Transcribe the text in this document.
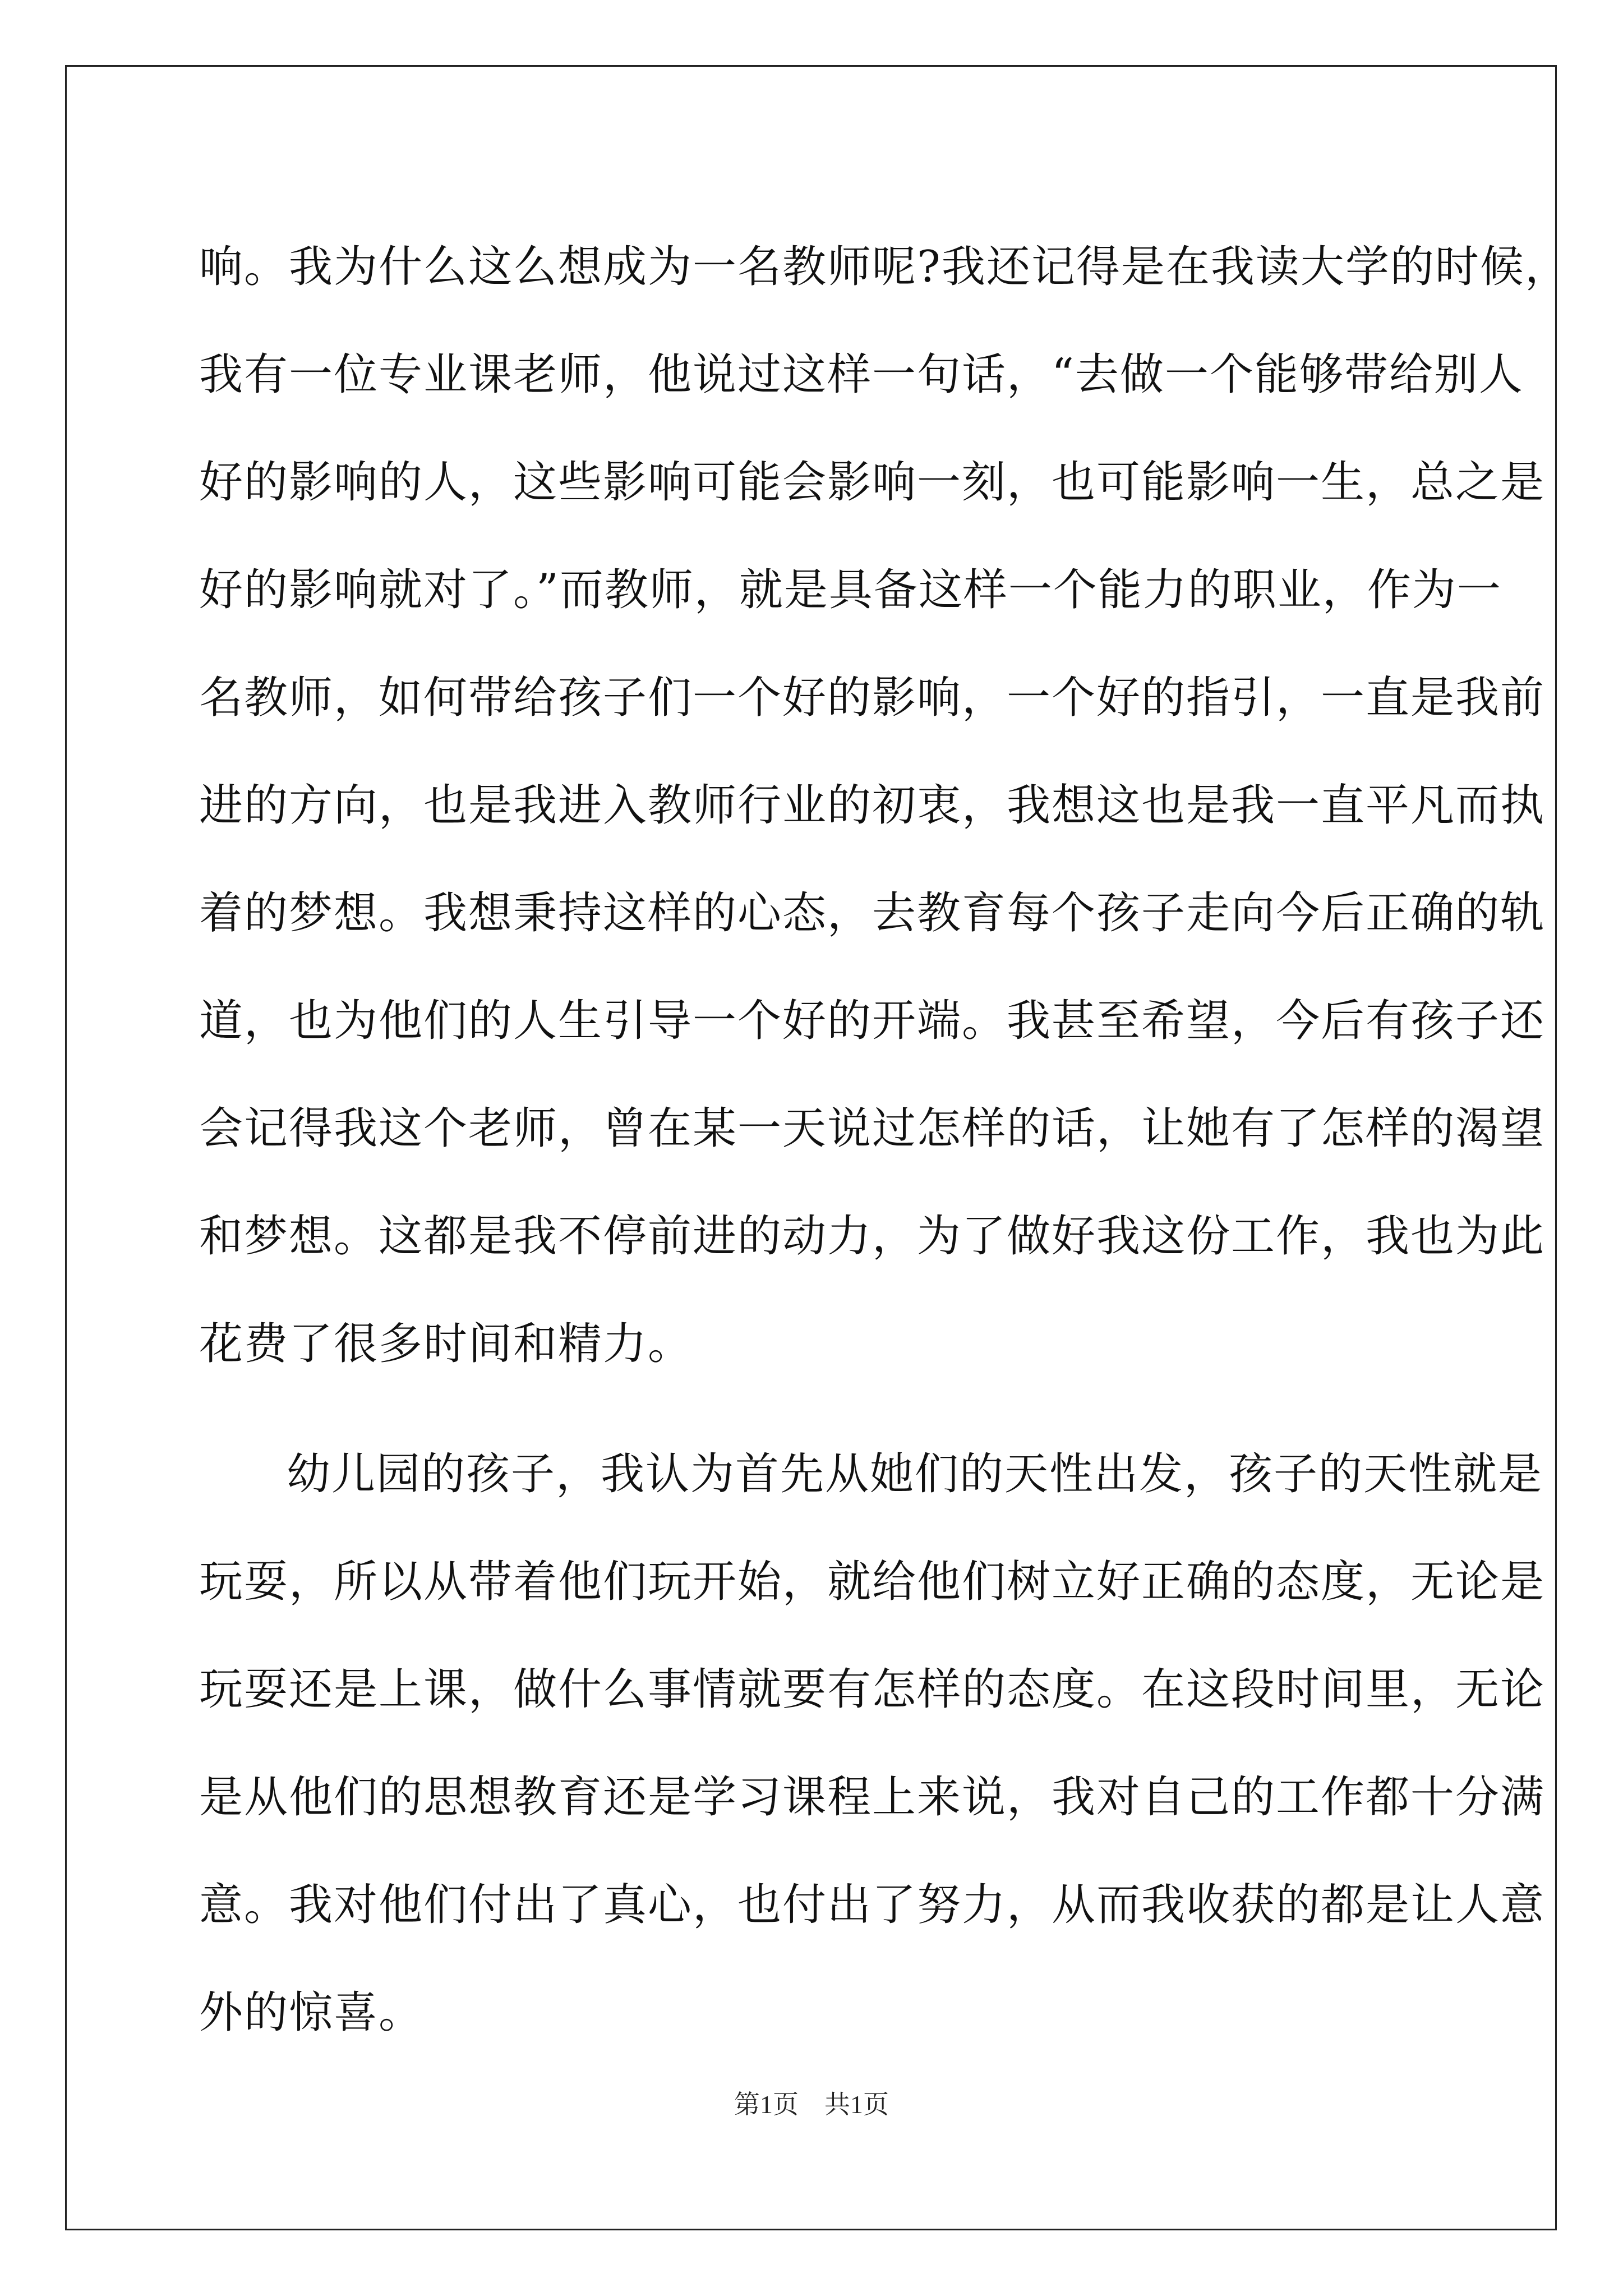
响。我为什么这么想成为一名教师呢?我还记得是在我读大学的时候，
我有一位专业课老师，他说过这样一句话，“去做一个能够带给别人
好的影响的人，这些影响可能会影响一刻，也可能影响一生，总之是
好的影响就对了。”而教师，就是具备这样一个能力的职业，作为一
名教师，如何带给孩子们一个好的影响，一个好的指引，一直是我前
进的方向，也是我进入教师行业的初衷，我想这也是我一直平凡而执
着的梦想。我想秉持这样的心态，去教育每个孩子走向今后正确的轨
道，也为他们的人生引导一个好的开端。我甚至希望，今后有孩子还
会记得我这个老师，曾在某一天说过怎样的话，让她有了怎样的渴望
和梦想。这都是我不停前进的动力，为了做好我这份工作，我也为此
花费了很多时间和精力。
幼儿园的孩子，我认为首先从她们的天性出发，孩子的天性就是
玩耍，所以从带着他们玩开始，就给他们树立好正确的态度，无论是
玩耍还是上课，做什么事情就要有怎样的态度。在这段时间里，无论
是从他们的思想教育还是学习课程上来说，我对自己的工作都十分满
意。我对他们付出了真心，也付出了努力，从而我收获的都是让人意
外的惊喜。
第1页　共1页
